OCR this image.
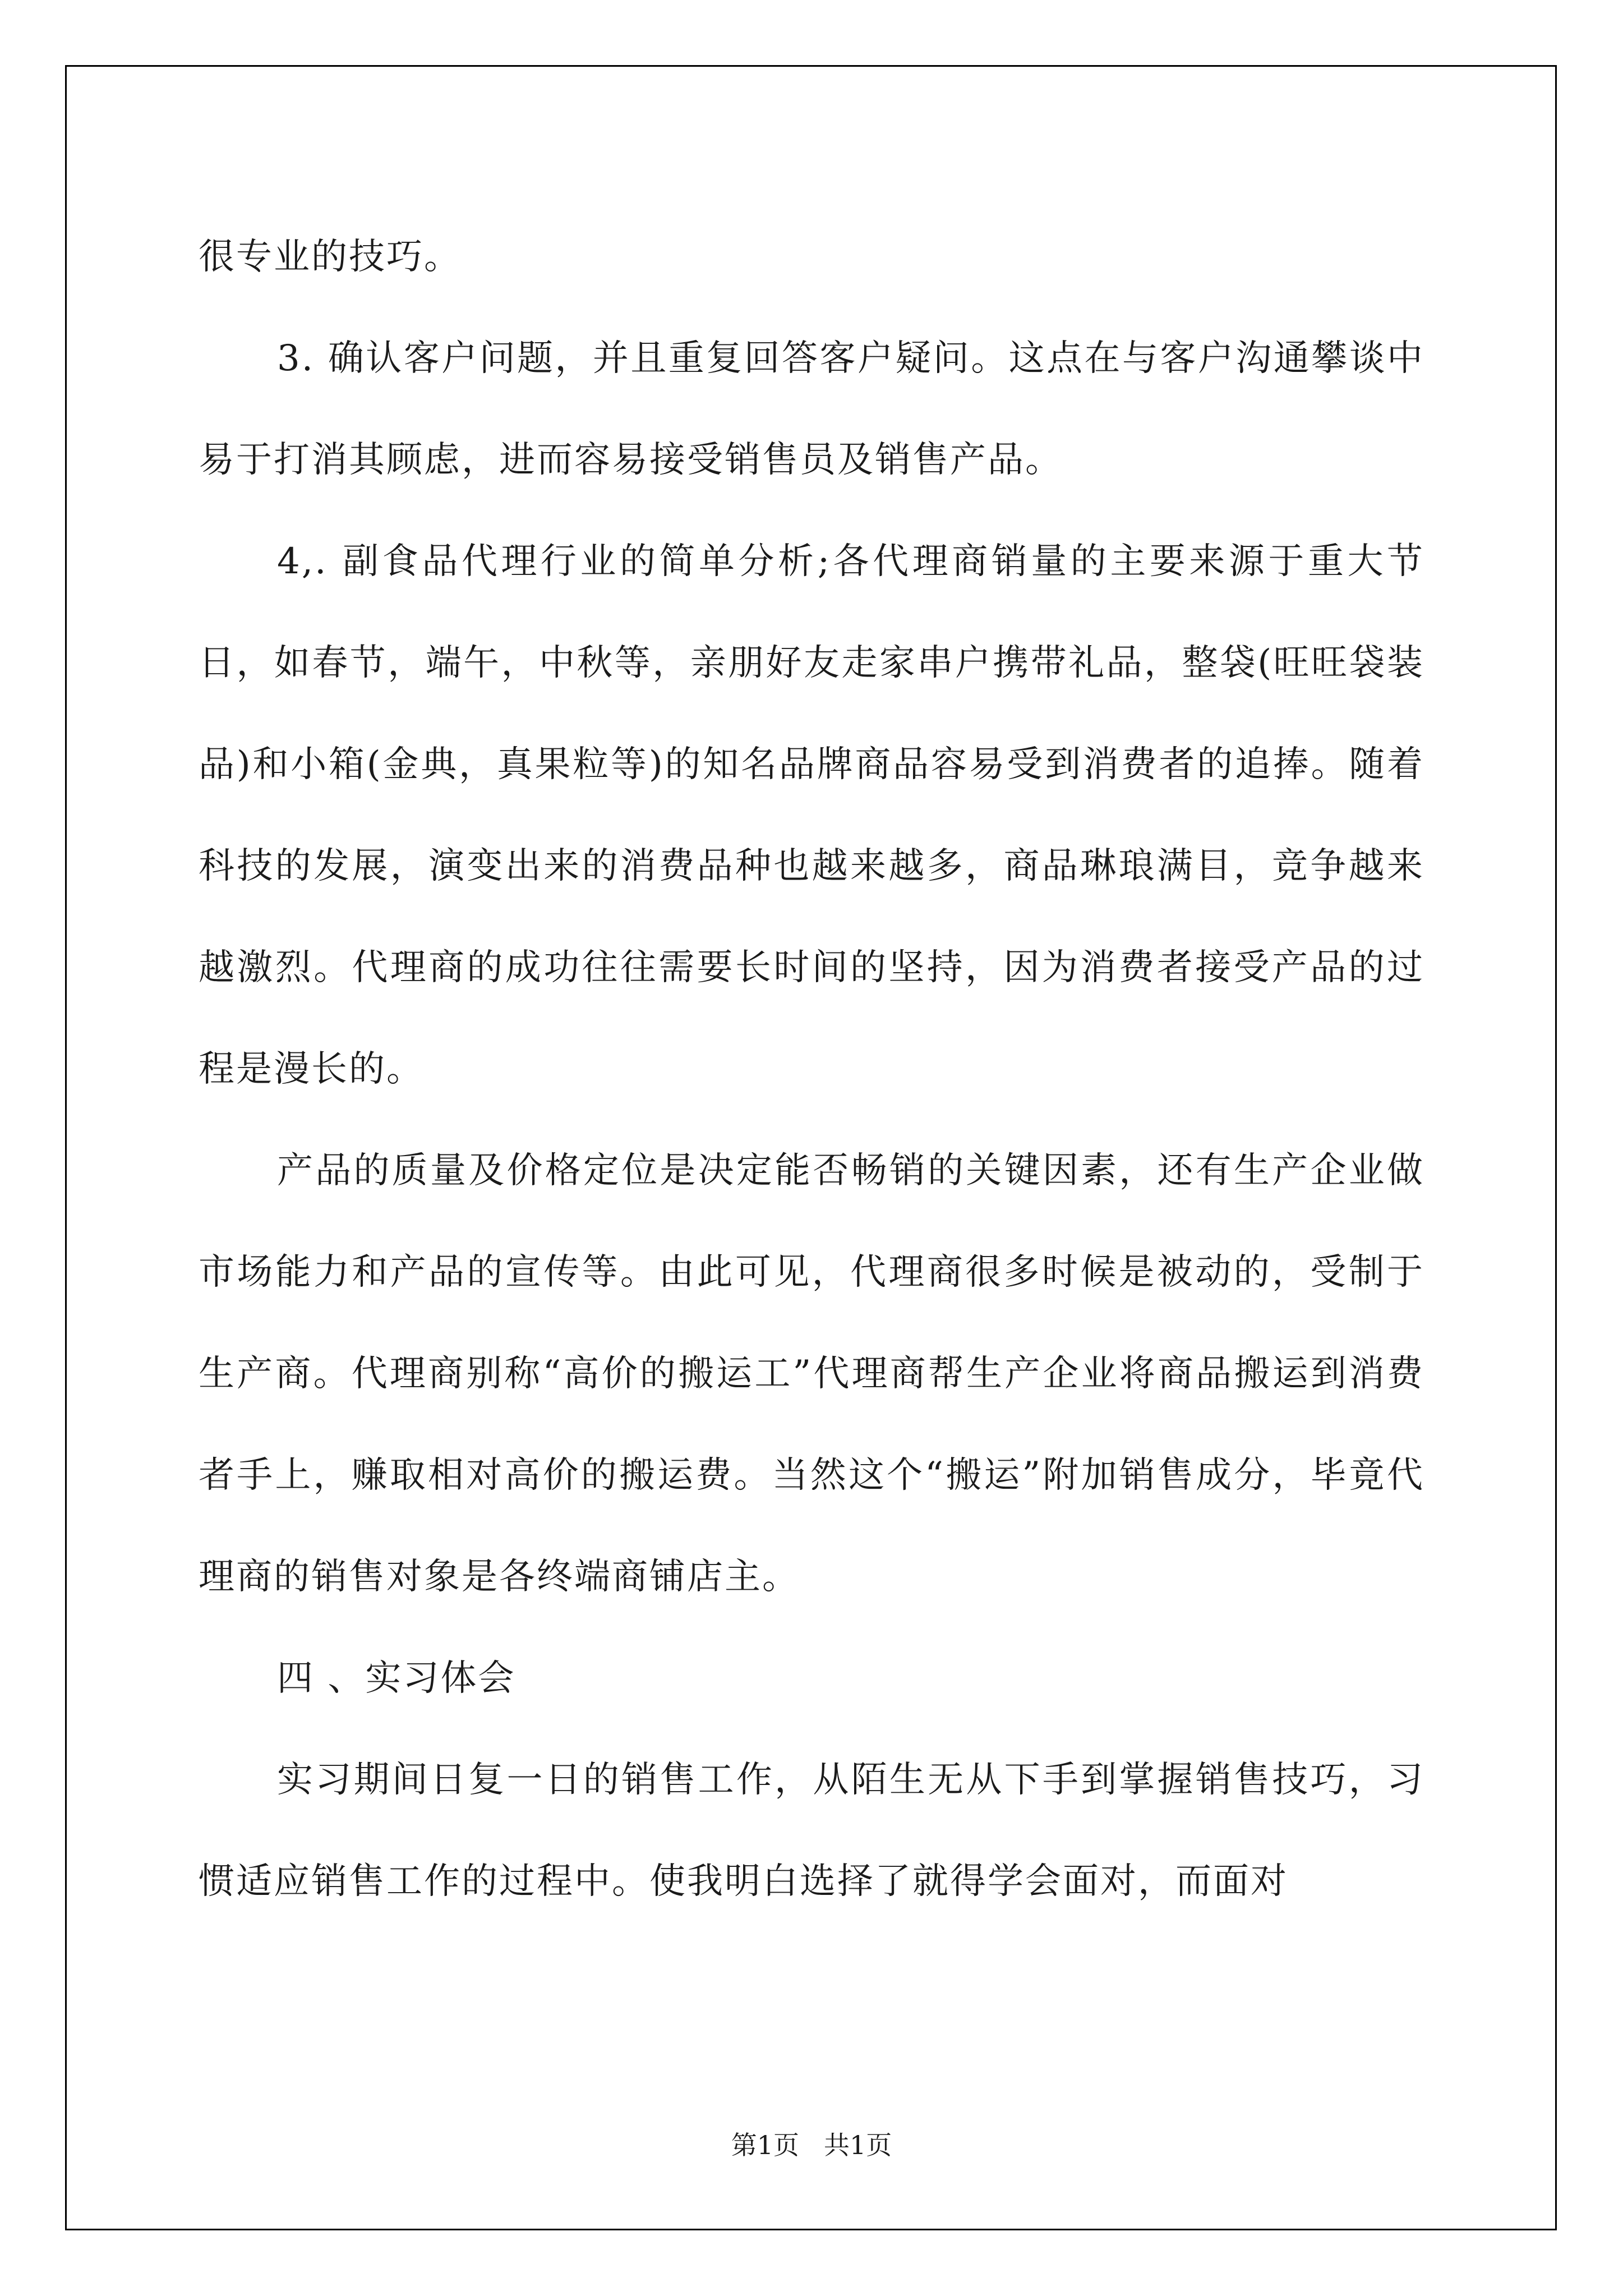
很专业的技巧。

3. 确认客户问题，并且重复回答客户疑问。这点在与客户沟通攀谈中易于打消其顾虑，进而容易接受销售员及销售产品。

4,. 副食品代理行业的简单分析;各代理商销量的主要来源于重大节日，如春节，端午，中秋等，亲朋好友走家串户携带礼品，整袋(旺旺袋装品)和小箱(金典，真果粒等)的知名品牌商品容易受到消费者的追捧。随着科技的发展，演变出来的消费品种也越来越多，商品琳琅满目，竞争越来越激烈。代理商的成功往往需要长时间的坚持，因为消费者接受产品的过程是漫长的。

产品的质量及价格定位是决定能否畅销的关键因素，还有生产企业做市场能力和产品的宣传等。由此可见，代理商很多时候是被动的，受制于生产商。代理商别称“高价的搬运工”代理商帮生产企业将商品搬运到消费者手上，赚取相对高价的搬运费。当然这个“搬运”附加销售成分，毕竟代理商的销售对象是各终端商铺店主。

四 、实习体会

实习期间日复一日的销售工作，从陌生无从下手到掌握销售技巧，习惯适应销售工作的过程中。使我明白选择了就得学会面对，而面对

第1页 共1页
